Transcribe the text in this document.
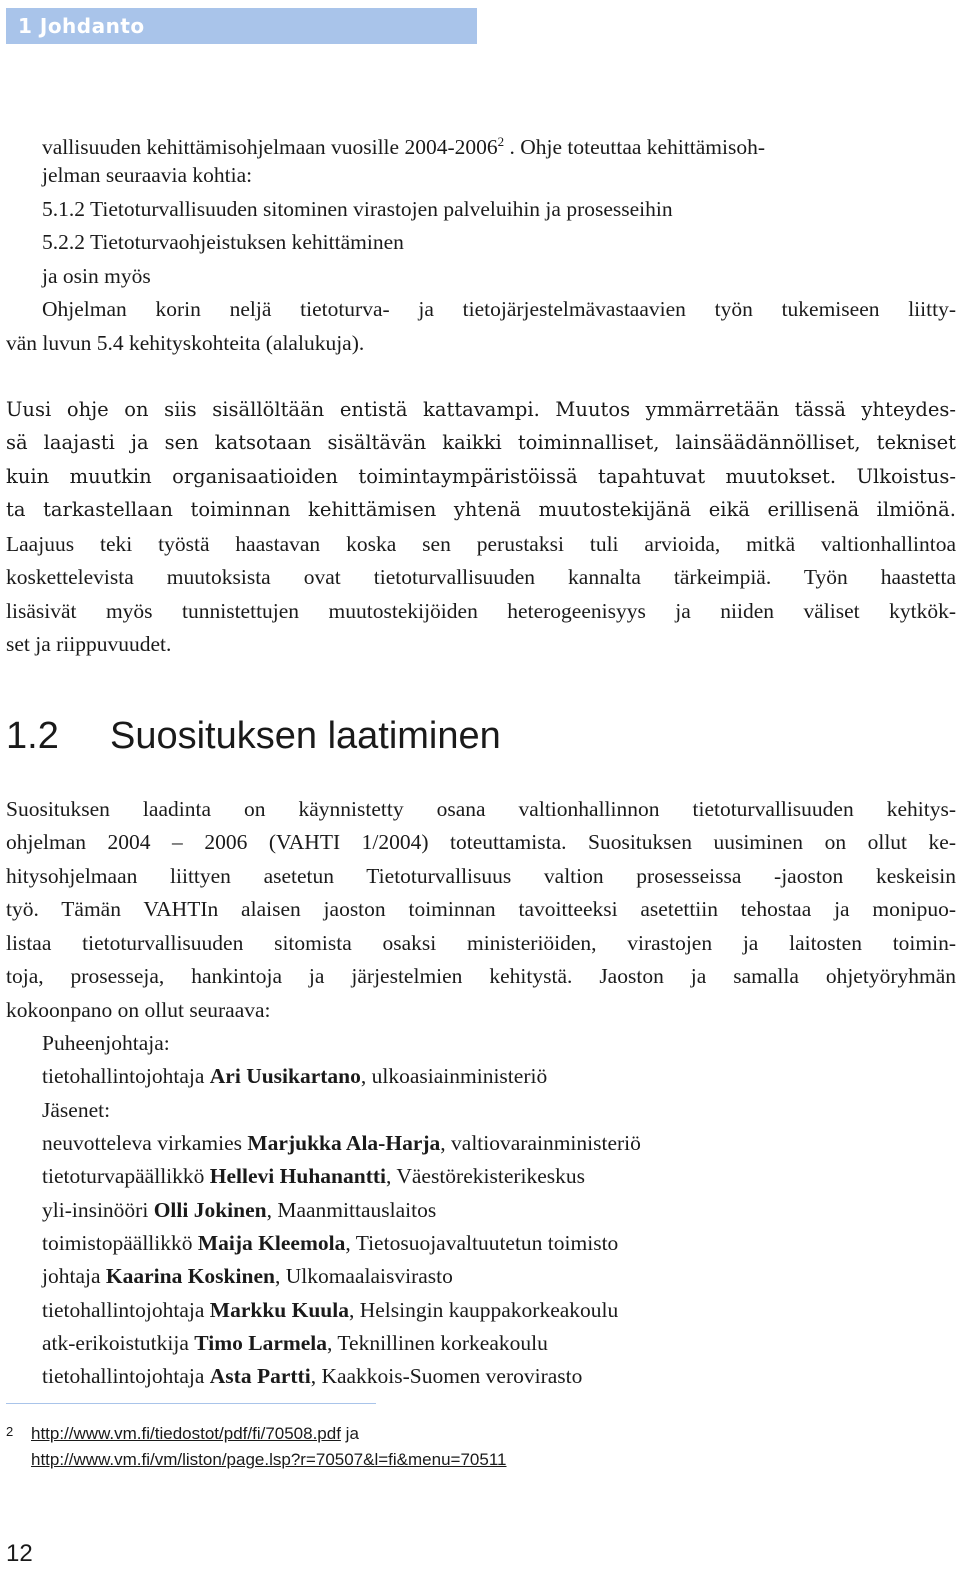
1 Johdanto
vallisuuden kehittämisohjelmaan vuosille 2004-2006$^2$ . Ohje toteuttaa kehittämisoh-
jelman seuraavia kohtia:
5.1.2 Tietoturvallisuuden sitominen virastojen palveluihin ja prosesseihin
5.2.2 Tietoturvaohjeistuksen kehittäminen
ja osin myös
Ohjelman korin neljä tietoturva- ja tietojärjestelmävastaavien työn tukemiseen liitty-
vän luvun 5.4 kehityskohteita (alalukuja).
Uusi ohje on siis sisällöltään entistä kattavampi. Muutos ymmärretään tässä yhteydes-
sä laajasti ja sen katsotaan sisältävän kaikki toiminnalliset, lainsäädännölliset, tekniset
kuin muutkin organisaatioiden toimintaympäristöissä tapahtuvat muutokset. Ulkoistus-
ta tarkastellaan toiminnan kehittämisen yhtenä muutostekijänä eikä erillisenä ilmiönä.
Laajuus teki työstä haastavan koska sen perustaksi tuli arvioida, mitkä valtionhallintoa
koskettelevista muutoksista ovat tietoturvallisuuden kannalta tärkeimpiä. Työn haastetta
lisäsivät myös tunnistettujen muutostekijöiden heterogeenisyys ja niiden väliset kytkök-
set ja riippuvuudet.
1.2 Suosituksen laatiminen
Suosituksen laadinta on käynnistetty osana valtionhallinnon tietoturvallisuuden kehitys-
ohjelman 2004 – 2006 (VAHTI 1/2004) toteuttamista. Suosituksen uusiminen on ollut ke-
hitysohjelmaan liittyen asetetun Tietoturvallisuus valtion prosesseissa -jaoston keskeisin
työ. Tämän VAHTIn alaisen jaoston toiminnan tavoitteeksi asetettiin tehostaa ja monipuo-
listaa tietoturvallisuuden sitomista osaksi ministeriöiden, virastojen ja laitosten toimin-
toja, prosesseja, hankintoja ja järjestelmien kehitystä. Jaoston ja samalla ohjetyöryhmän
kokoonpano on ollut seuraava:
Puheenjohtaja:
tietohallintojohtaja Ari Uusikartano, ulkoasiainministeriö
Jäsenet:
neuvotteleva virkamies Marjukka Ala-Harja, valtiovarainministeriö
tietoturvapäällikkö Hellevi Huhanantti, Väestörekisterikeskus
yli-insinööri Olli Jokinen, Maanmittauslaitos
toimistopäällikkö Maija Kleemola, Tietosuojavaltuutetun toimisto
johtaja Kaarina Koskinen, Ulkomaalaisvirasto
tietohallintojohtaja Markku Kuula, Helsingin kauppakorkeakoulu
atk-erikoistutkija Timo Larmela, Teknillinen korkeakoulu
tietohallintojohtaja Asta Partti, Kaakkois-Suomen verovirasto
2 http://www.vm.fi/tiedostot/pdf/fi/70508.pdf ja
http://www.vm.fi/vm/liston/page.lsp?r=70507&l=fi&menu=70511
12
